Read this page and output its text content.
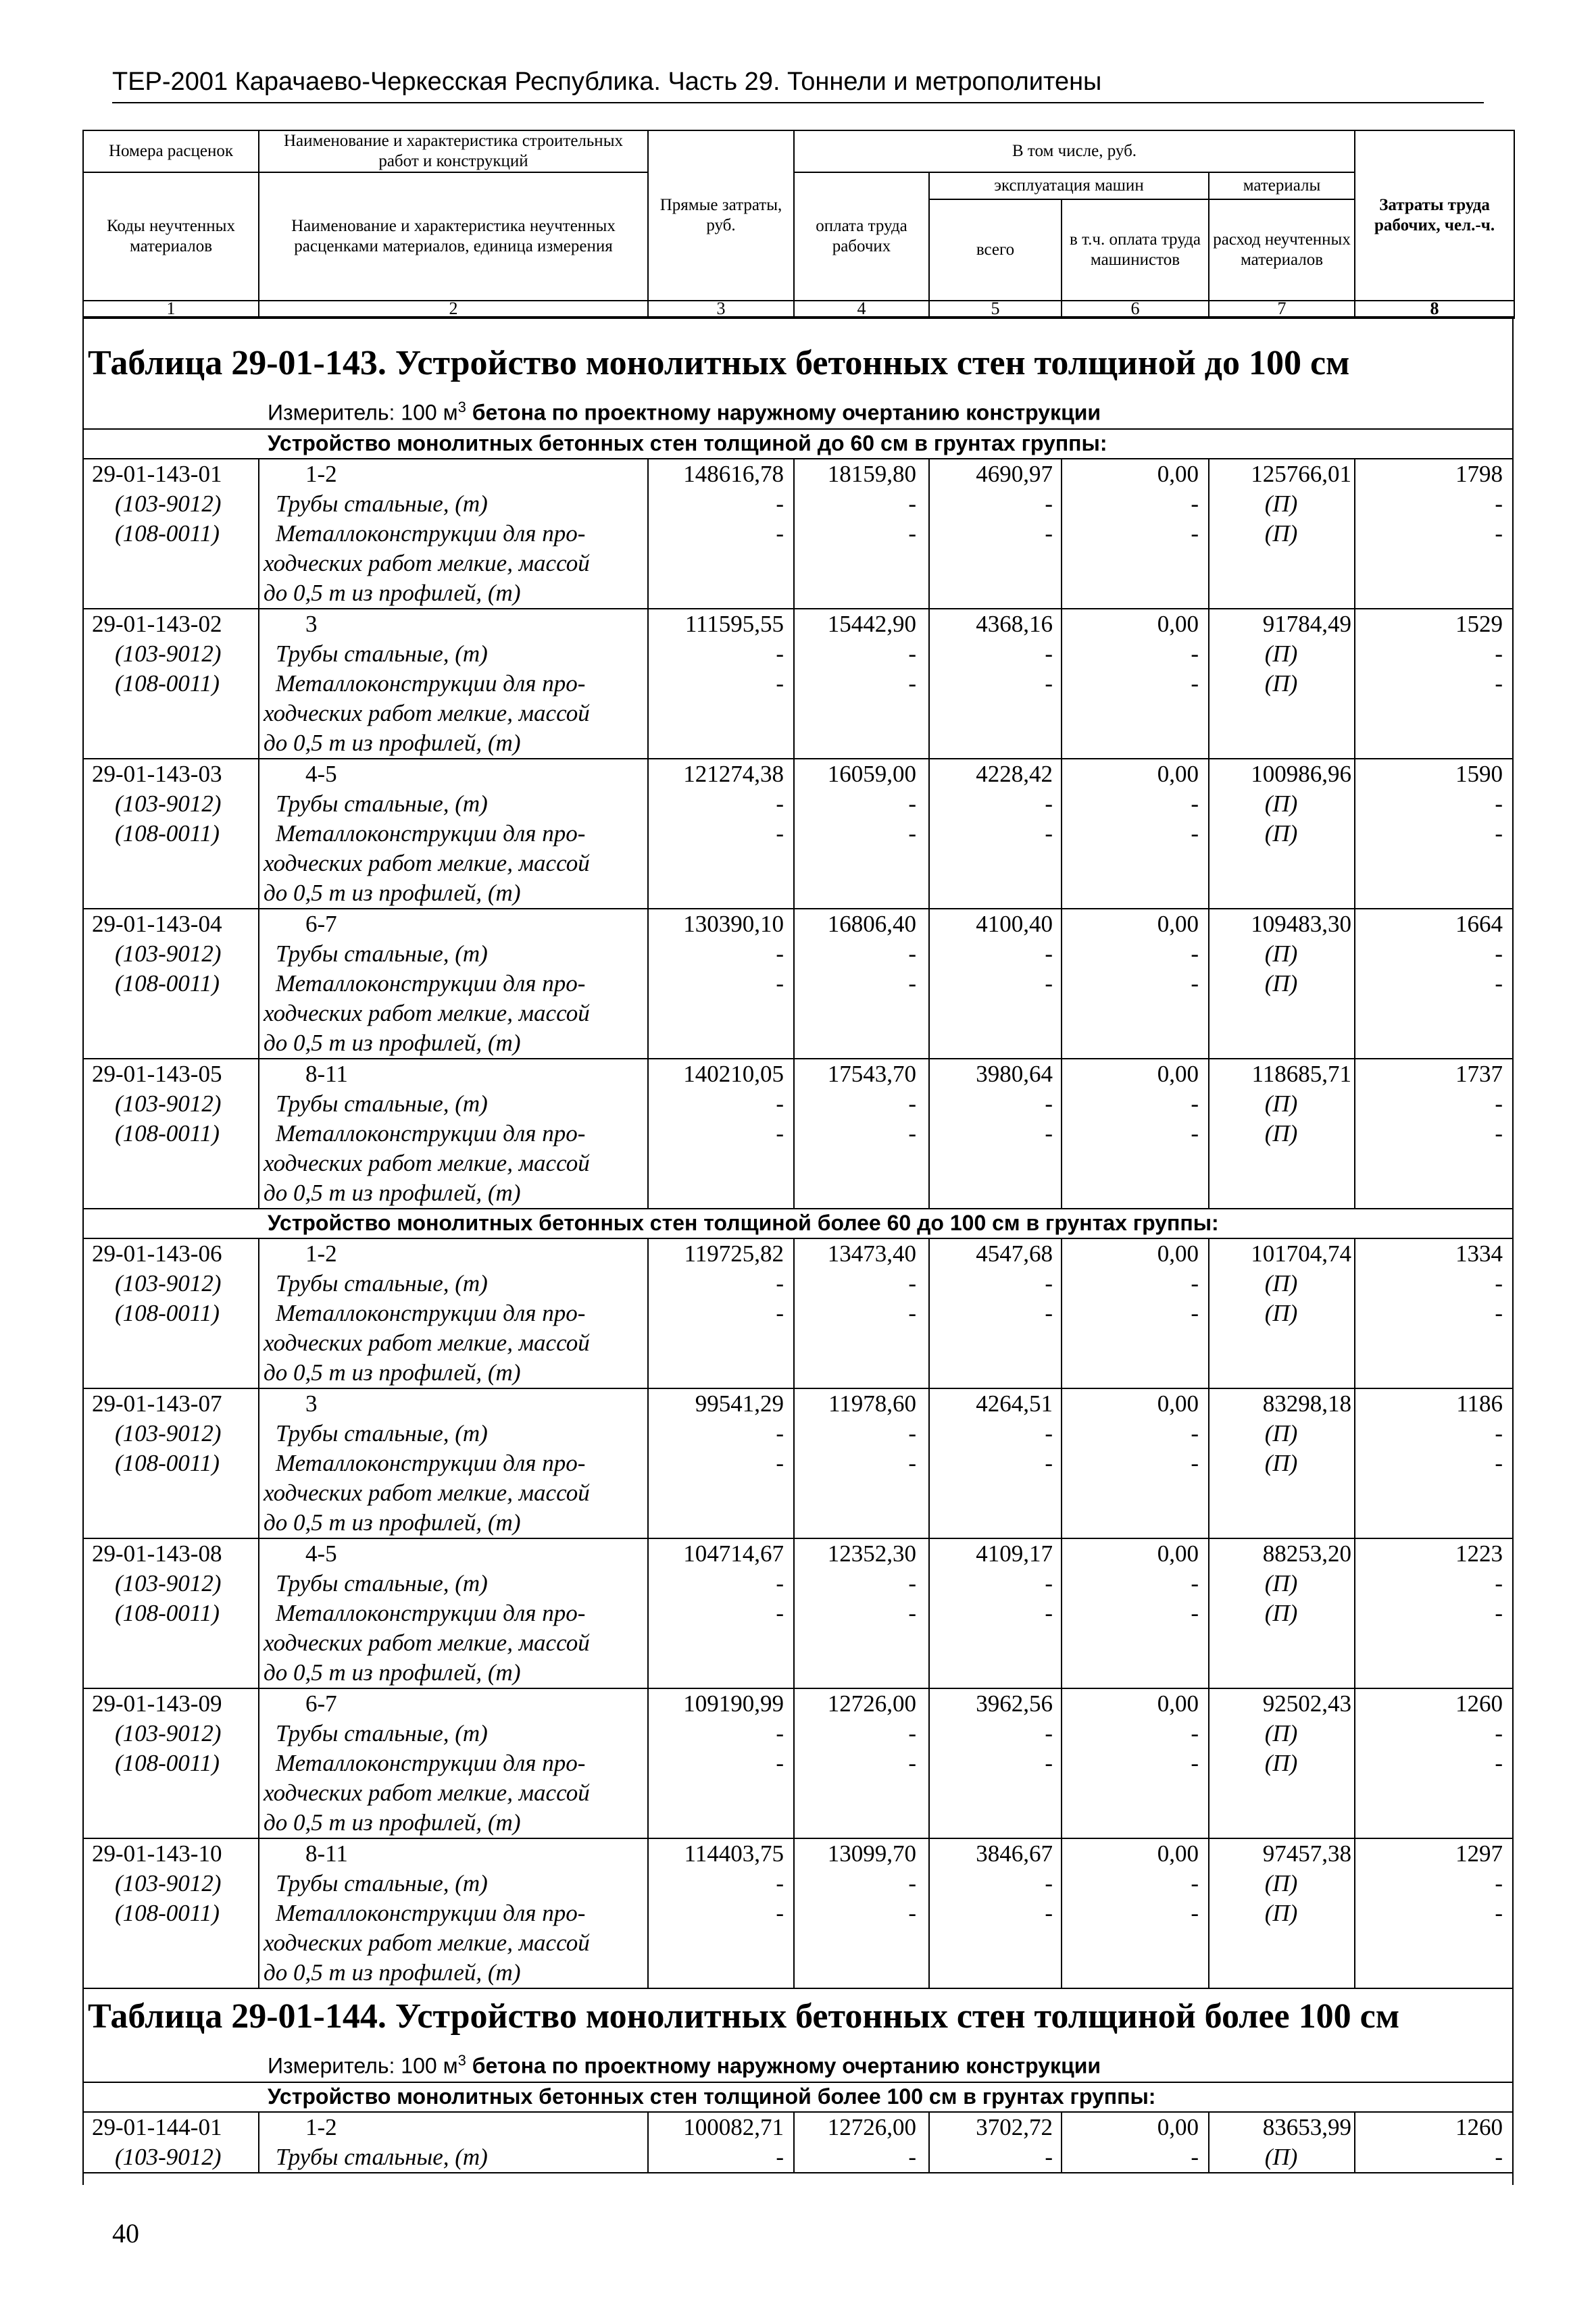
ТЕР-2001 Карачаево-Черкесская Республика. Часть 29. Тоннели и метрополитены
Номера расценок	Наименование и характеристика строительных работ и конструкций	Прямые затраты, руб.	В том числе, руб.				Затраты труда рабочих, чел.-ч.
Коды неучтенных материалов	Наименование и характеристика неучтенных расценками материалов, единица измерения		оплата труда рабочих	эксплуатация машин		материалы	
				всего	в т.ч. оплата труда машинистов	расход неучтенных материалов	
1	2	3	4	5	6	7	8
Таблица 29-01-143. Устройство монолитных бетонных стен толщиной до 100 см
Измеритель: 100 $м^3$ бетона по проектному наружному очертанию конструкции
Устройство монолитных бетонных стен толщиной до 60 см в грунтах группы:
29-01-143-01	1-2	148616,78	18159,80	4690,97	0,00	125766,01	1798
(103-9012) Трубы стальные, (т)	-	-	-	-	(П)	-
(108-0011) Металлоконструкции для про-
ходческих работ мелкие, массой
до 0,5 т из профилей, (т)
-	-	-	-	(П)	-
29-01-143-02	3	111595,55	15442,90	4368,16	0,00	91784,49	1529
(103-9012) Трубы стальные, (т)	-	-	-	-	(П)	-
(108-0011) Металлоконструкции для про-
ходческих работ мелкие, массой
до 0,5 т из профилей, (т)
-	-	-	-	(П)	-
29-01-143-03	4-5	121274,38	16059,00	4228,42	0,00	100986,96	1590
(103-9012) Трубы стальные, (т)	-	-	-	-	(П)	-
(108-0011) Металлоконструкции для про-
ходческих работ мелкие, массой
до 0,5 т из профилей, (т)
-	-	-	-	(П)	-
29-01-143-04	6-7	130390,10	16806,40	4100,40	0,00	109483,30	1664
(103-9012) Трубы стальные, (т)	-	-	-	-	(П)	-
(108-0011) Металлоконструкции для про-
ходческих работ мелкие, массой
до 0,5 т из профилей, (т)
-	-	-	-	(П)	-
29-01-143-05	8-11	140210,05	17543,70	3980,64	0,00	118685,71	1737
(103-9012) Трубы стальные, (т)	-	-	-	-	(П)	-
(108-0011) Металлоконструкции для про-
ходческих работ мелкие, массой
до 0,5 т из профилей, (т)
-	-	-	-	(П)	-
Устройство монолитных бетонных стен толщиной более 60 до 100 см в грунтах группы:
29-01-143-06	1-2	119725,82	13473,40	4547,68	0,00	101704,74	1334
(103-9012) Трубы стальные, (т)	-	-	-	-	(П)	-
(108-0011) Металлоконструкции для про-
ходческих работ мелкие, массой
до 0,5 т из профилей, (т)
-	-	-	-	(П)	-
29-01-143-07	3	99541,29	11978,60	4264,51	0,00	83298,18	1186
(103-9012) Трубы стальные, (т)	-	-	-	-	(П)	-
(108-0011) Металлоконструкции для про-
ходческих работ мелкие, массой
до 0,5 т из профилей, (т)
-	-	-	-	(П)	-
29-01-143-08	4-5	104714,67	12352,30	4109,17	0,00	88253,20	1223
(103-9012) Трубы стальные, (т)	-	-	-	-	(П)	-
(108-0011) Металлоконструкции для про-
ходческих работ мелкие, массой
до 0,5 т из профилей, (т)
-	-	-	-	(П)	-
29-01-143-09	6-7	109190,99	12726,00	3962,56	0,00	92502,43	1260
(103-9012) Трубы стальные, (т)	-	-	-	-	(П)	-
(108-0011) Металлоконструкции для про-
ходческих работ мелкие, массой
до 0,5 т из профилей, (т)
-	-	-	-	(П)	-
29-01-143-10	8-11	114403,75	13099,70	3846,67	0,00	97457,38	1297
(103-9012) Трубы стальные, (т)	-	-	-	-	(П)	-
(108-0011) Металлоконструкции для про-
ходческих работ мелкие, массой
до 0,5 т из профилей, (т)
-	-	-	-	(П)	-
Таблица 29-01-144. Устройство монолитных бетонных стен толщиной более 100 см
Измеритель: 100 $м^3$ бетона по проектному наружному очертанию конструкции
Устройство монолитных бетонных стен толщиной более 100 см в грунтах группы:
29-01-144-01	1-2	100082,71	12726,00	3702,72	0,00	83653,99	1260
(103-9012) Трубы стальные, (т)	-	-	-	-	(П)	-
40
